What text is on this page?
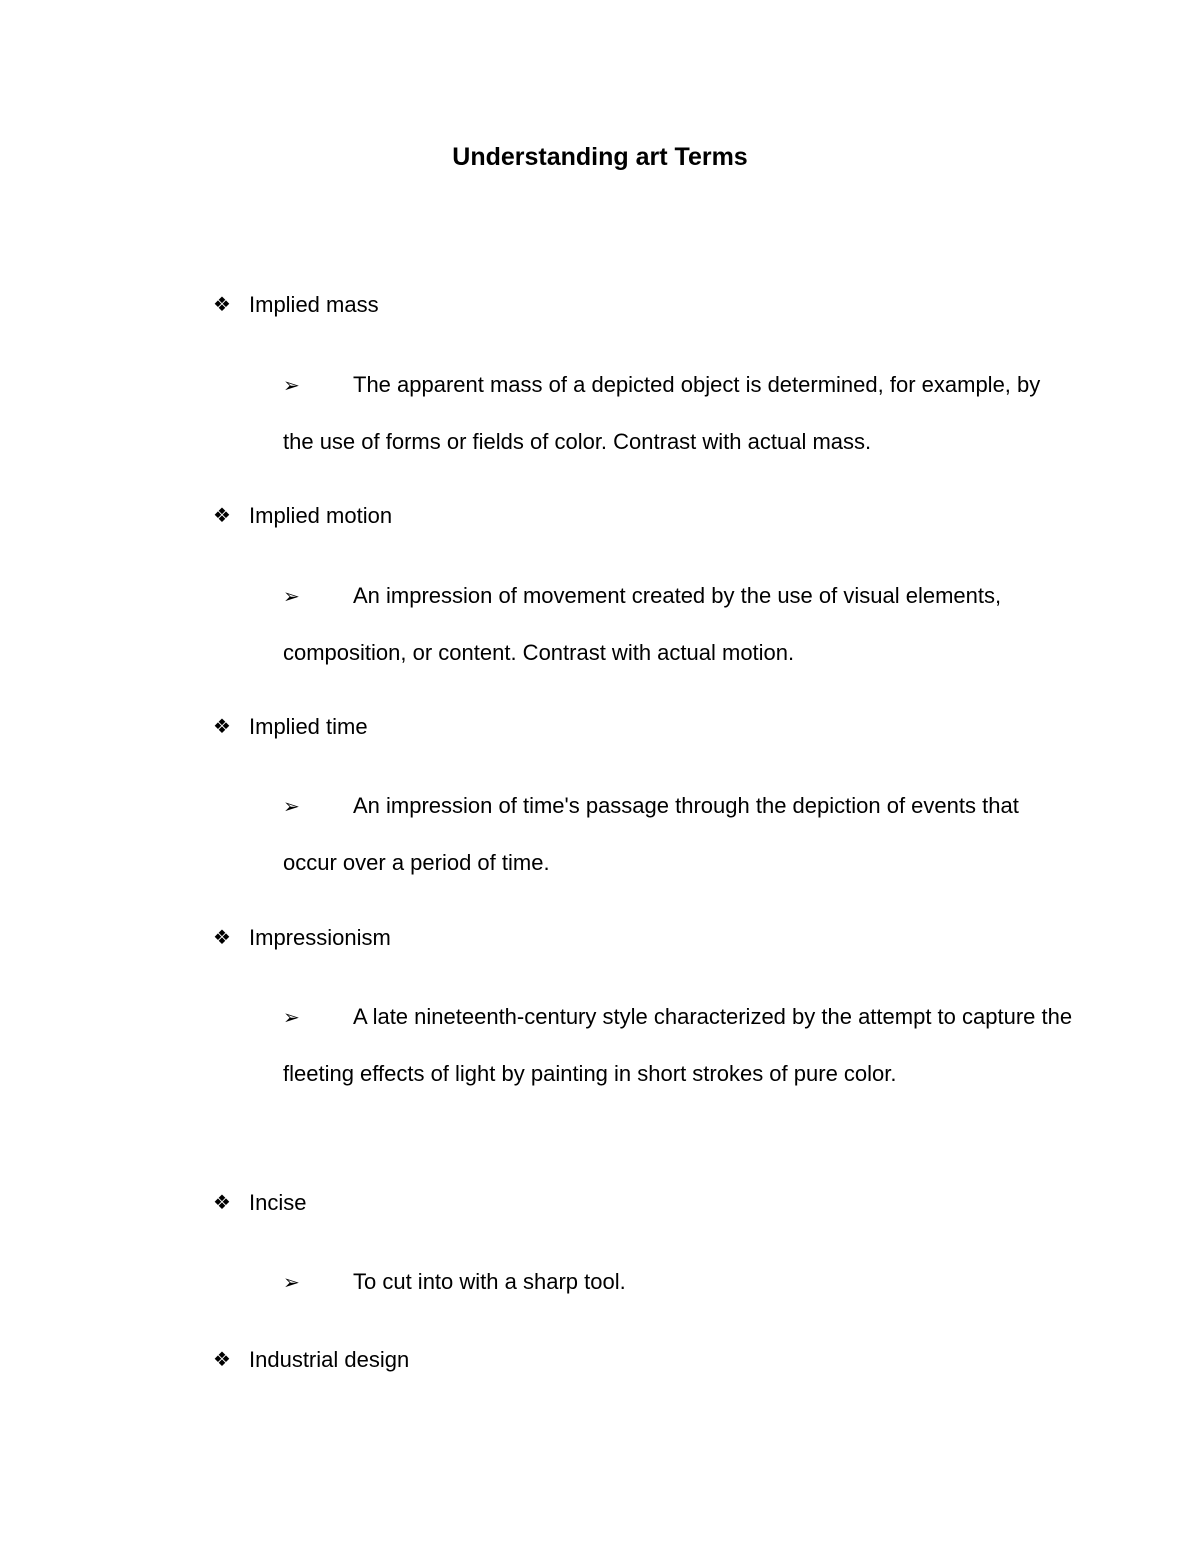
Understanding art Terms
❖ Implied mass
➢ The apparent mass of a depicted object is determined, for example, by the use of forms or fields of color. Contrast with actual mass.
❖ Implied motion
➢ An impression of movement created by the use of visual elements, composition, or content. Contrast with actual motion.
❖ Implied time
➢ An impression of time's passage through the depiction of events that occur over a period of time.
❖ Impressionism
➢ A late nineteenth-century style characterized by the attempt to capture the fleeting effects of light by painting in short strokes of pure color.
❖ Incise
➢ To cut into with a sharp tool.
❖ Industrial design
